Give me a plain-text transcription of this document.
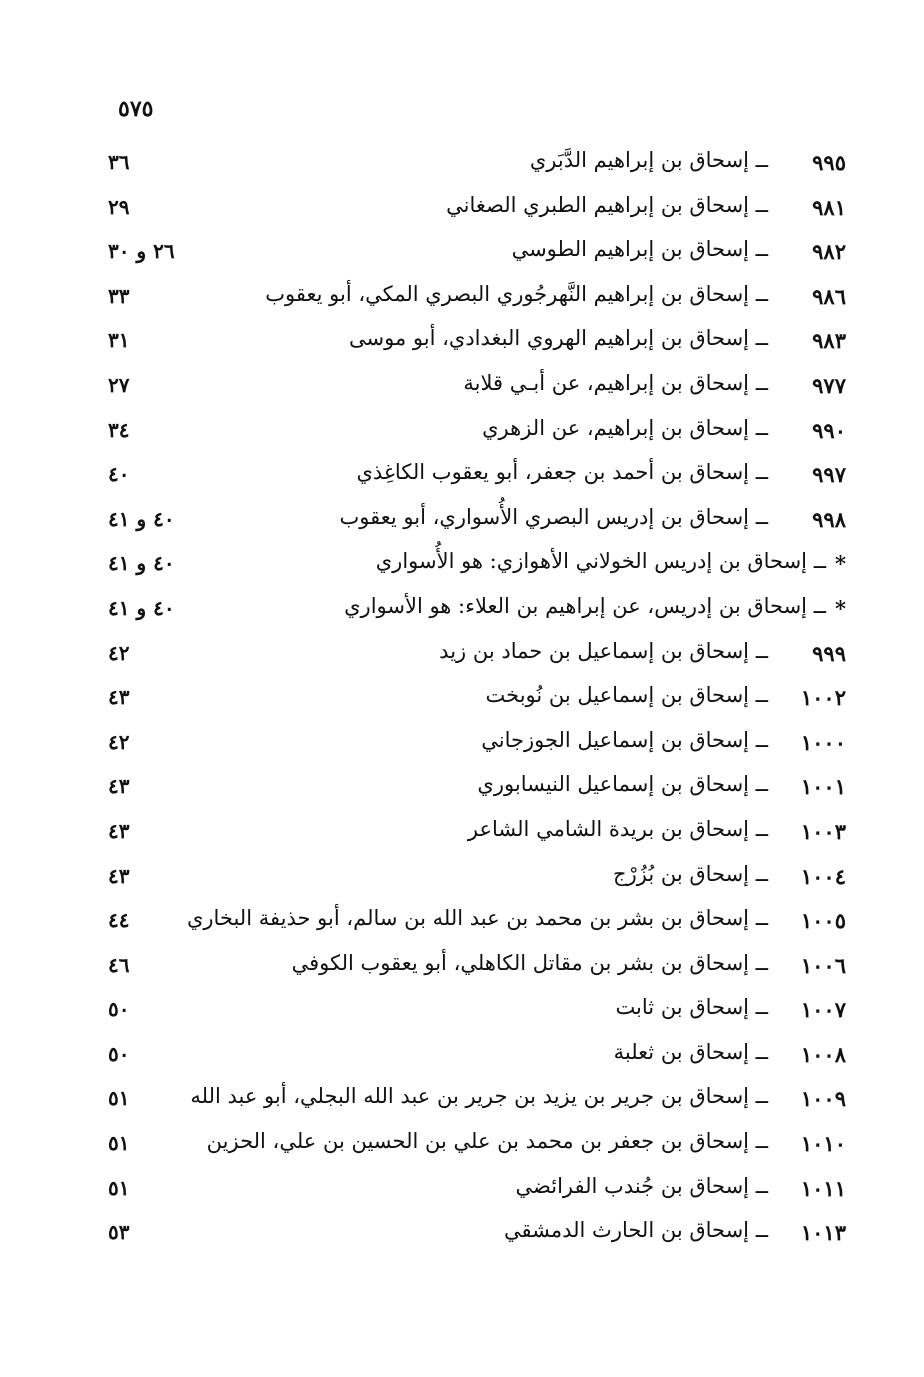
٥٧٥
٩٩٥
ــ إسحاق بن إبراهيم الدَّبَري
٣٦
٩٨١
ــ إسحاق بن إبراهيم الطبري الصغاني
٢٩
٩٨٢
ــ إسحاق بن إبراهيم الطوسي
٢٦ و ٣٠
٩٨٦
ــ إسحاق بن إبراهيم النَّهرجُوري البصري المكي، أبو يعقوب
٣٣
٩٨٣
ــ إسحاق بن إبراهيم الهروي البغدادي، أبو موسى
٣١
٩٧٧
ــ إسحاق بن إبراهيم، عن أبـي قلابة
٢٧
٩٩٠
ــ إسحاق بن إبراهيم، عن الزهري
٣٤
٩٩٧
ــ إسحاق بن أحمد بن جعفر، أبو يعقوب الكاغِذي
٤٠
٩٩٨
ــ إسحاق بن إدريس البصري الأُسواري، أبو يعقوب
٤٠ و ٤١
*
ــ إسحاق بن إدريس الخولاني الأهوازي: هو الأُسواري
٤٠ و ٤١
*
ــ إسحاق بن إدريس، عن إبراهيم بن العلاء: هو الأسواري
٤٠ و ٤١
٩٩٩
ــ إسحاق بن إسماعيل بن حماد بن زيد
٤٢
١٠٠٢
ــ إسحاق بن إسماعيل بن نُوبخت
٤٣
١٠٠٠
ــ إسحاق بن إسماعيل الجوزجاني
٤٢
١٠٠١
ــ إسحاق بن إسماعيل النيسابوري
٤٣
١٠٠٣
ــ إسحاق بن بريدة الشامي الشاعر
٤٣
١٠٠٤
ــ إسحاق بن بُزُرْج
٤٣
١٠٠٥
ــ إسحاق بن بشر بن محمد بن عبد الله بن سالم، أبو حذيفة البخاري
٤٤
١٠٠٦
ــ إسحاق بن بشر بن مقاتل الكاهلي، أبو يعقوب الكوفي
٤٦
١٠٠٧
ــ إسحاق بن ثابت
٥٠
١٠٠٨
ــ إسحاق بن ثعلبة
٥٠
١٠٠٩
ــ إسحاق بن جرير بن يزيد بن جرير بن عبد الله البجلي، أبو عبد الله
٥١
١٠١٠
ــ إسحاق بن جعفر بن محمد بن علي بن الحسين بن علي، الحزين
٥١
١٠١١
ــ إسحاق بن جُندب الفرائضي
٥١
١٠١٣
ــ إسحاق بن الحارث الدمشقي
٥٣
